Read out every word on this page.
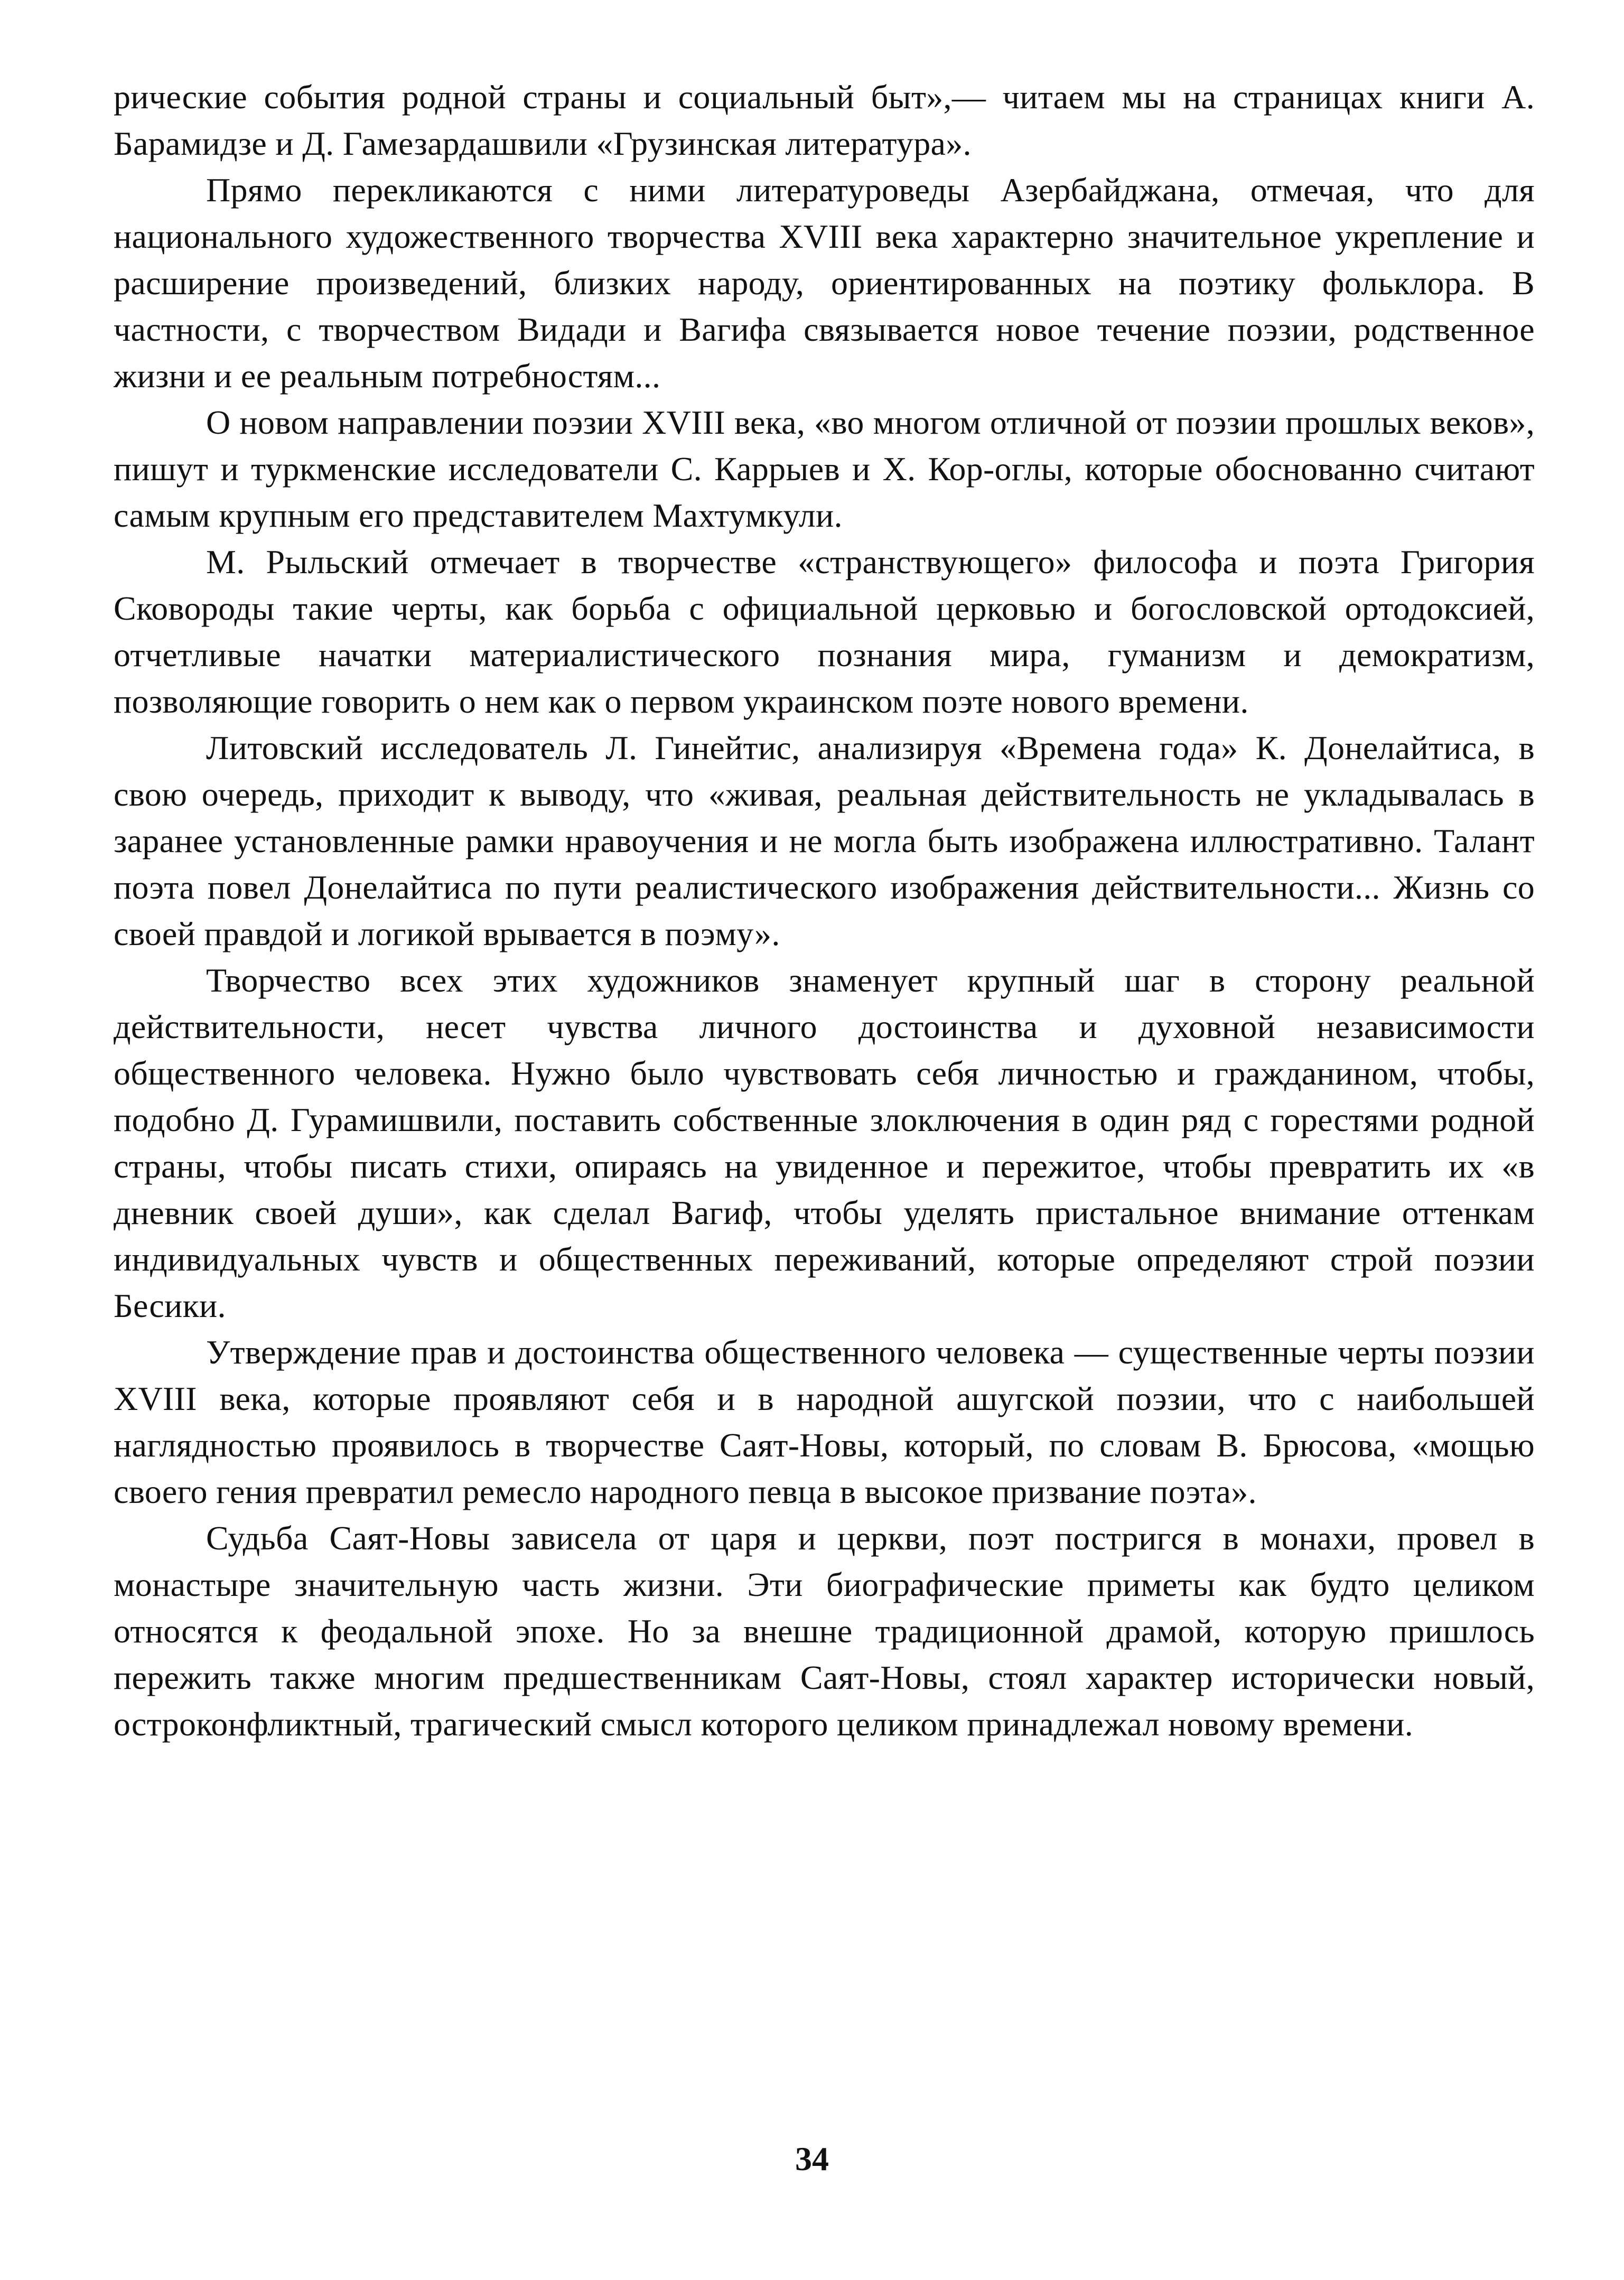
рические события родной страны и социальный быт»,— читаем мы на страницах книги А. Барамидзе и Д. Гамезардашвили «Грузинская литература».

Прямо перекликаются с ними литературоведы Азербайджана, отмечая, что для национального художественного творчества XVIII века характерно значительное укрепление и расширение произведений, близких народу, ориентированных на поэтику фольклора. В частности, с творчеством Видади и Вагифа связывается новое течение поэзии, родственное жизни и ее реальным потребностям...

О новом направлении поэзии XVIII века, «во многом отличной от поэзии прошлых веков», пишут и туркменские исследователи С. Каррыев и Х. Кор-оглы, которые обоснованно считают самым крупным его представителем Махтумкули.

М. Рыльский отмечает в творчестве «странствующего» философа и поэта Григория Сковороды такие черты, как борьба с официальной церковью и богословской ортодоксией, отчетливые начатки материалистического познания мира, гуманизм и демократизм, позволяющие говорить о нем как о первом украинском поэте нового времени.

Литовский исследователь Л. Гинейтис, анализируя «Времена года» К. Донелайтиса, в свою очередь, приходит к выводу, что «живая, реальная действительность не укладывалась в заранее установленные рамки нравоучения и не могла быть изображена иллюстративно. Талант поэта повел Донелайтиса по пути реалистического изображения действительности... Жизнь со своей правдой и логикой врывается в поэму».

Творчество всех этих художников знаменует крупный шаг в сторону реальной действительности, несет чувства личного достоинства и духовной независимости общественного человека. Нужно было чувствовать себя личностью и гражданином, чтобы, подобно Д. Гурамишвили, поставить собственные злоключения в один ряд с горестями родной страны, чтобы писать стихи, опираясь на увиденное и пережитое, чтобы превратить их «в дневник своей души», как сделал Вагиф, чтобы уделять пристальное внимание оттенкам индивидуальных чувств и общественных переживаний, которые определяют строй поэзии Бесики.

Утверждение прав и достоинства общественного человека — существенные черты поэзии XVIII века, которые проявляют себя и в народной ашугской поэзии, что с наибольшей наглядностью проявилось в творчестве Саят-Новы, который, по словам В. Брюсова, «мощью своего гения превратил ремесло народного певца в высокое призвание поэта».

Судьба Саят-Новы зависела от царя и церкви, поэт постригся в монахи, провел в монастыре значительную часть жизни. Эти биографические приметы как будто целиком относятся к феодальной эпохе. Но за внешне традиционной драмой, которую пришлось пережить также многим предшественникам Саят-Новы, стоял характер исторически новый, остроконфликтный, трагический смысл которого целиком принадлежал новому времени.

34
